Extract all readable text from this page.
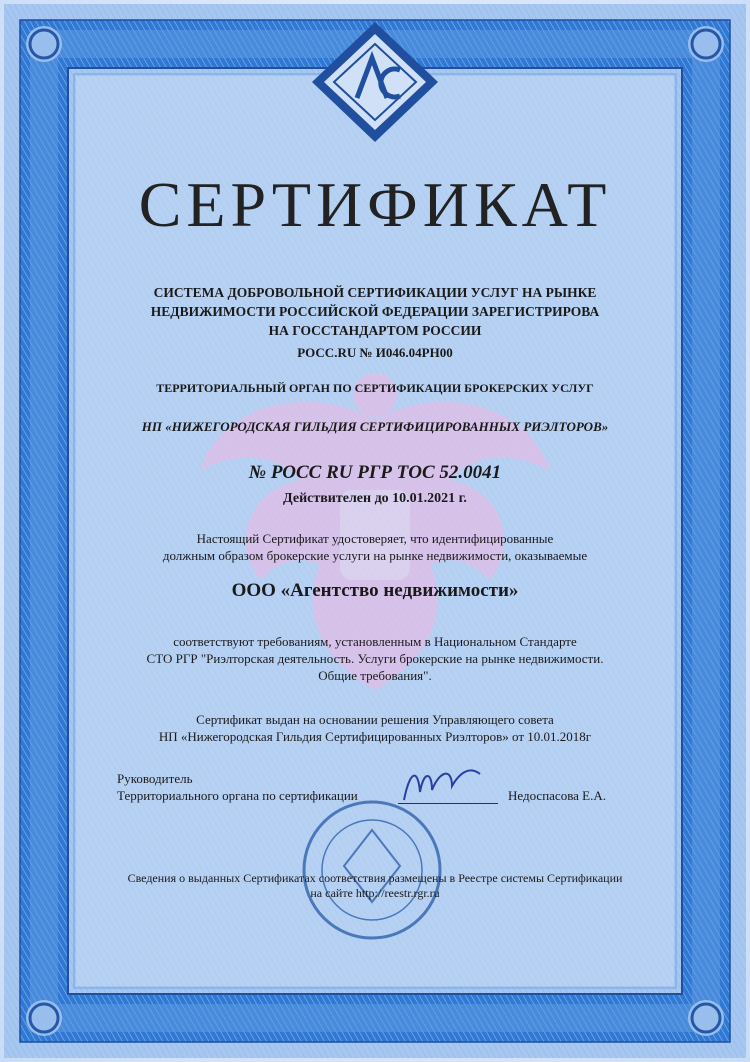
СЕРТИФИКАТ
СИСТЕМА ДОБРОВОЛЬНОЙ СЕРТИФИКАЦИИ УСЛУГ НА РЫНКЕ
НЕДВИЖИМОСТИ РОССИЙСКОЙ ФЕДЕРАЦИИ ЗАРЕГИСТРИРОВА
НА ГОССТАНДАРТОМ РОССИИ
РОСС.RU № И046.04РН00
ТЕРРИТОРИАЛЬНЫЙ ОРГАН ПО СЕРТИФИКАЦИИ БРОКЕРСКИХ УСЛУГ
НП «НИЖЕГОРОДСКАЯ ГИЛЬДИЯ СЕРТИФИЦИРОВАННЫХ РИЭЛТОРОВ»
№ РОСС RU РГР ТОС 52.0041
Действителен до 10.01.2021 г.
Настоящий Сертификат удостоверяет, что идентифицированные
должным образом брокерские услуги на рынке недвижимости, оказываемые
ООО «Агентство недвижимости»
соответствуют требованиям, установленным в Национальном Стандарте
СТО РГР "Риэлторская деятельность. Услуги брокерские на рынке недвижимости.
Общие требования".
Сертификат выдан на основании решения Управляющего совета
НП «Нижегородская Гильдия Сертифицированных Риэлторов» от 10.01.2018г
Руководитель
Территориального органа по сертификации	Недоспасова Е.А.
Сведения о выданных Сертификатах соответствия размещены в Реестре системы Сертификации
на сайте http://reestr.rgr.ru
